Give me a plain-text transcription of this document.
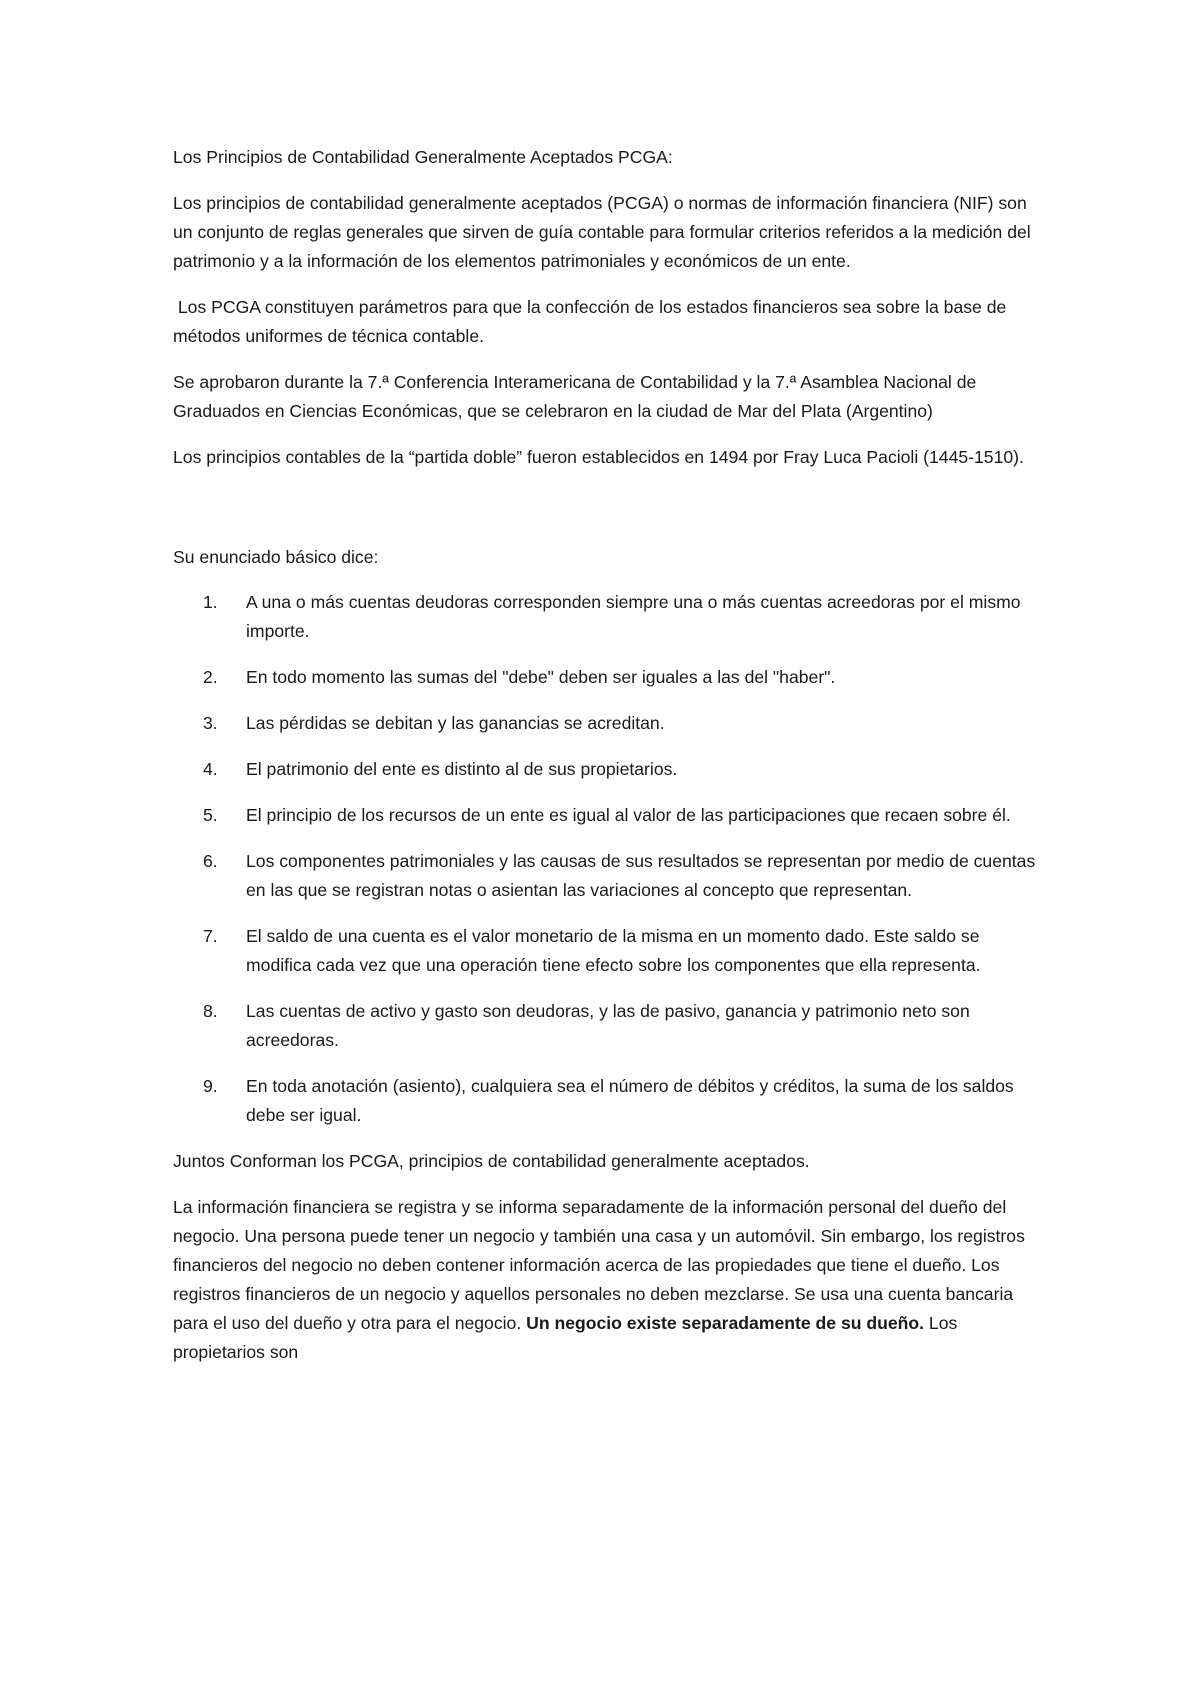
Los Principios de Contabilidad Generalmente Aceptados PCGA:

Los principios de contabilidad generalmente aceptados (PCGA) o normas de información financiera (NIF) son un conjunto de reglas generales que sirven de guía contable para formular criterios referidos a la medición del patrimonio y a la información de los elementos patrimoniales y económicos de un ente.

Los PCGA constituyen parámetros para que la confección de los estados financieros sea sobre la base de métodos uniformes de técnica contable.

Se aprobaron durante la 7.ª Conferencia Interamericana de Contabilidad y la 7.ª Asamblea Nacional de Graduados en Ciencias Económicas, que se celebraron en la ciudad de Mar del Plata (Argentino)

Los principios contables de la “partida doble” fueron establecidos en 1494 por Fray Luca Pacioli (1445-1510).

Su enunciado básico dice:

1.	A una o más cuentas deudoras corresponden siempre una o más cuentas acreedoras por el mismo importe.
2.	En todo momento las sumas del "debe" deben ser iguales a las del "haber".
3.	Las pérdidas se debitan y las ganancias se acreditan.
4.	El patrimonio del ente es distinto al de sus propietarios.
5.	El principio de los recursos de un ente es igual al valor de las participaciones que recaen sobre él.
6.	Los componentes patrimoniales y las causas de sus resultados se representan por medio de cuentas en las que se registran notas o asientan las variaciones al concepto que representan.
7.	El saldo de una cuenta es el valor monetario de la misma en un momento dado. Este saldo se modifica cada vez que una operación tiene efecto sobre los componentes que ella representa.
8.	Las cuentas de activo y gasto son deudoras, y las de pasivo, ganancia y patrimonio neto son acreedoras.
9.	En toda anotación (asiento), cualquiera sea el número de débitos y créditos, la suma de los saldos debe ser igual.

Juntos Conforman los PCGA, principios de contabilidad generalmente aceptados.

La información financiera se registra y se informa separadamente de la información personal del dueño del negocio. Una persona puede tener un negocio y también una casa y un automóvil. Sin embargo, los registros financieros del negocio no deben contener información acerca de las propiedades que tiene el dueño. Los registros financieros de un negocio y aquellos personales no deben mezclarse. Se usa una cuenta bancaria para el uso del dueño y otra para el negocio. Un negocio existe separadamente de su dueño. Los propietarios son
